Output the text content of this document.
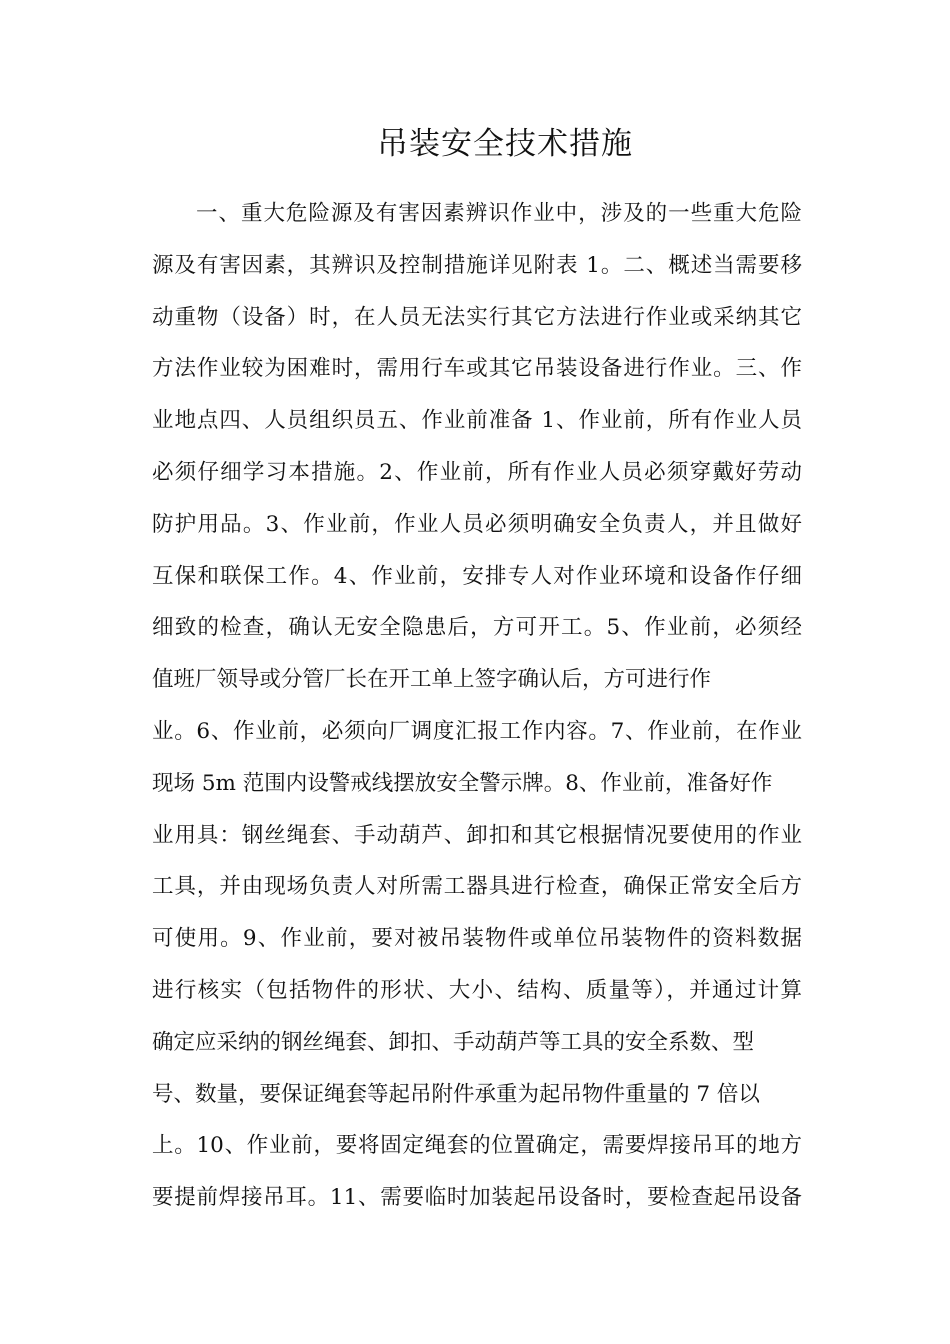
吊装安全技术措施
一、重大危险源及有害因素辨识作业中，涉及的一些重大危险
源及有害因素，其辨识及控制措施详见附表 1。二、概述当需要移
动重物（设备）时，在人员无法实行其它方法进行作业或采纳其它
方法作业较为困难时，需用行车或其它吊装设备进行作业。三、作
业地点四、人员组织员五、作业前准备 1、作业前，所有作业人员
必须仔细学习本措施。2、作业前，所有作业人员必须穿戴好劳动
防护用品。3、作业前，作业人员必须明确安全负责人，并且做好
互保和联保工作。4、作业前，安排专人对作业环境和设备作仔细
细致的检查，确认无安全隐患后，方可开工。5、作业前，必须经
值班厂领导或分管厂长在开工单上签字确认后，方可进行作
业。6、作业前，必须向厂调度汇报工作内容。7、作业前，在作业
现场 5m 范围内设警戒线摆放安全警示牌。8、作业前，准备好作
业用具：钢丝绳套、手动葫芦、卸扣和其它根据情况要使用的作业
工具，并由现场负责人对所需工器具进行检查，确保正常安全后方
可使用。9、作业前，要对被吊装物件或单位吊装物件的资料数据
进行核实（包括物件的形状、大小、结构、质量等），并通过计算
确定应采纳的钢丝绳套、卸扣、手动葫芦等工具的安全系数、型
号、数量，要保证绳套等起吊附件承重为起吊物件重量的 7 倍以
上。10、作业前，要将固定绳套的位置确定，需要焊接吊耳的地方
要提前焊接吊耳。11、需要临时加装起吊设备时，要检查起吊设备
